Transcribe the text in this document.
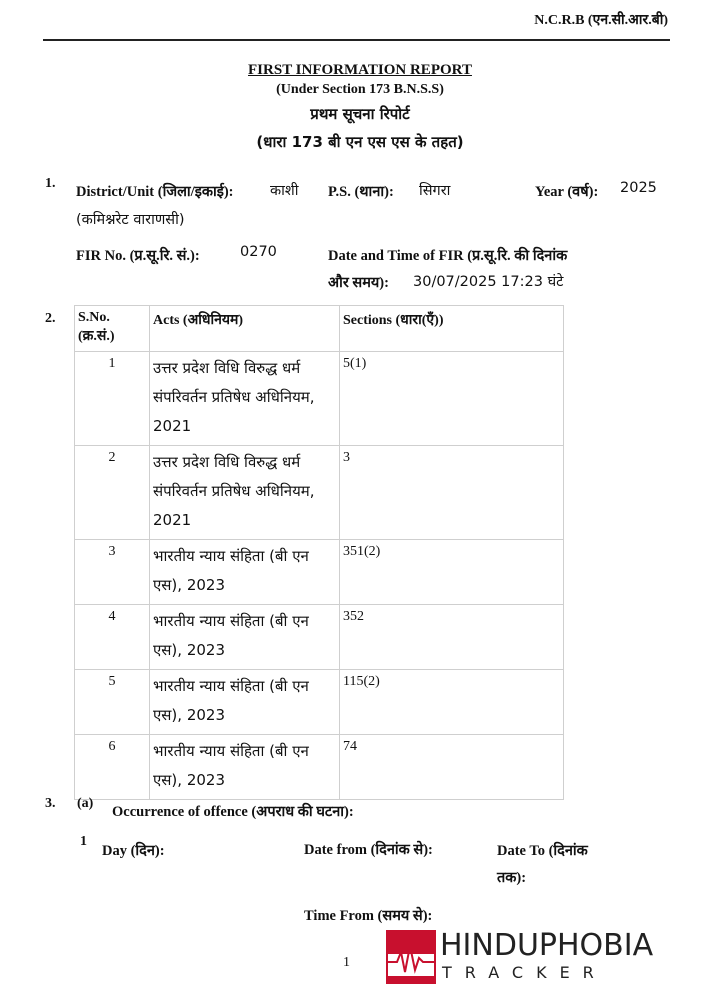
N.C.R.B (एन.सी.आर.बी)
FIRST INFORMATION REPORT
(Under Section 173 B.N.S.S)
प्रथम सूचना रिपोर्ट
(धारा 173 बी एन एस एस के तहत)
1.
District/Unit (जिला/इकाई):	काशी
(कमिश्नरेट वाराणसी)
P.S. (थाना): सिगरा	Year (वर्ष): 2025
FIR No. (प्र.सू.रि. सं.):	0270	Date and Time of FIR (प्र.सू.रि. की दिनांक
और समय): 30/07/2025 17:23 घंटे
2. S.No.
(क्र.सं.)	Acts (अधिनियम)	Sections (धारा(एँ))
1	उत्तर प्रदेश विधि विरुद्ध धर्म संपरिवर्तन प्रतिषेध अधिनियम, 2021	5(1)
2	उत्तर प्रदेश विधि विरुद्ध धर्म संपरिवर्तन प्रतिषेध अधिनियम, 2021	3
3	भारतीय न्याय संहिता (बी एन एस), 2023	351(2)
4	भारतीय न्याय संहिता (बी एन एस), 2023	352
5	भारतीय न्याय संहिता (बी एन एस), 2023	115(2)
6	भारतीय न्याय संहिता (बी एन एस), 2023	74
3. (a)
Occurrence of offence (अपराध की घटना):
1
Day (दिन):	Date from (दिनांक से):	Date To (दिनांक
तक):
Time From (समय से):
1	HINDUPHOBIA
TRACKER
